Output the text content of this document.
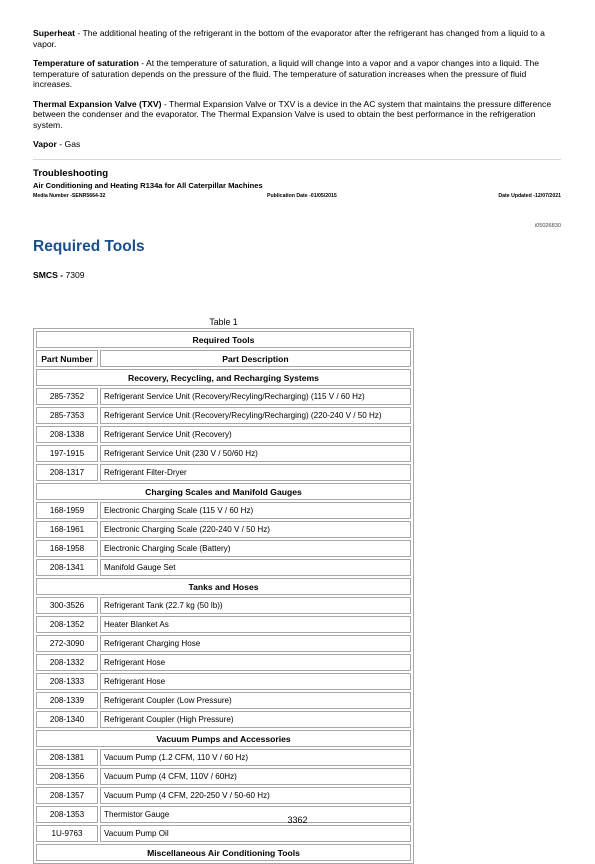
Superheat - The additional heating of the refrigerant in the bottom of the evaporator after the refrigerant has changed from a liquid to a vapor.

Temperature of saturation - At the temperature of saturation, a liquid will change into a vapor and a vapor changes into a liquid. The temperature of saturation depends on the pressure of the fluid. The temperature of saturation increases when the pressure of fluid increases.

Thermal Expansion Valve (TXV) - Thermal Expansion Valve or TXV is a device in the AC system that maintains the pressure difference between the condenser and the evaporator. The Thermal Expansion Valve is used to obtain the best performance in the refrigeration system.

Vapor - Gas

Troubleshooting

Air Conditioning and Heating R134a for All Caterpillar Machines

Media Number -SENR5664-32	Publication Date -01/05/2015	Date Updated -12/07/2021
i05026830
Required Tools
SMCS - 7309
Table 1
Required Tools	
Part Number	Part Description
Recovery, Recycling, and Recharging Systems	
285-7352	Refrigerant Service Unit (Recovery/Recyling/Recharging) (115 V / 60 Hz)
285-7353	Refrigerant Service Unit (Recovery/Recyling/Recharging) (220-240 V / 50 Hz)
208-1338	Refrigerant Service Unit (Recovery)
197-1915	Refrigerant Service Unit (230 V / 50/60 Hz)
208-1317	Refrigerant Filter-Dryer
Charging Scales and Manifold Gauges	
168-1959	Electronic Charging Scale (115 V / 60 Hz)
168-1961	Electronic Charging Scale (220-240 V / 50 Hz)
168-1958	Electronic Charging Scale (Battery)
208-1341	Manifold Gauge Set
Tanks and Hoses	
300-3526	Refrigerant Tank (22.7 kg (50 lb))
208-1352	Heater Blanket As
272-3090	Refrigerant Charging Hose
208-1332	Refrigerant Hose
208-1333	Refrigerant Hose
208-1339	Refrigerant Coupler (Low Pressure)
208-1340	Refrigerant Coupler (High Pressure)
Vacuum Pumps and Accessories	
208-1381	Vacuum Pump (1.2 CFM, 110 V / 60 Hz)
208-1356	Vacuum Pump (4 CFM, 110V / 60Hz)
208-1357	Vacuum Pump (4 CFM, 220-250 V / 50-60 Hz)
208-1353	Thermistor Gauge
1U-9763	Vacuum Pump Oil
Miscellaneous Air Conditioning Tools	
3362
